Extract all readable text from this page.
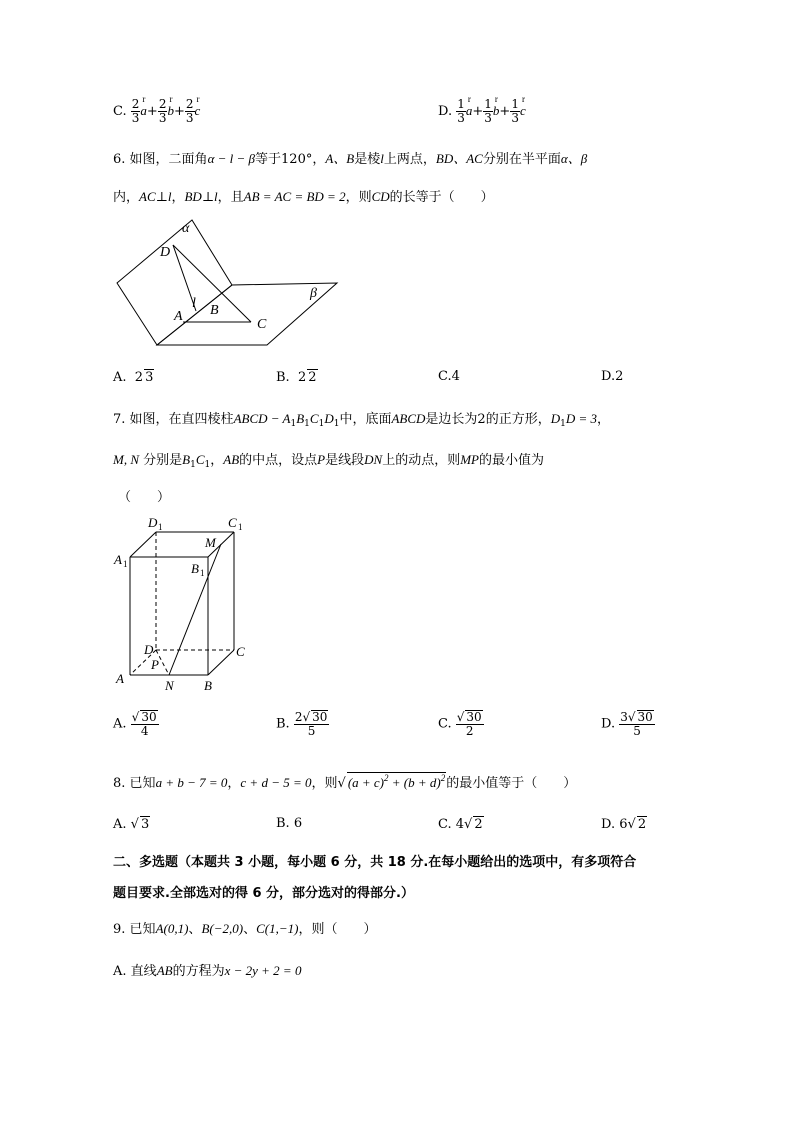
C. $\frac{2}{3}$ r $a+ \frac{2}{3}$ r $b+ \frac{2}{3}$ r c	D. $\frac{1}{3}$ r $a+ \frac{1}{3}$ r $b+ \frac{1}{3}$ r c
6. 如图，二面角α − l − β等于120°，A、B是棱l上两点，BD、AC分别在半平面α、β
内，AC⊥l，BD⊥l，且AB = AC = BD = 2，则CD的长等于（　　）
α
β
D
l B
A
C
A. 2 3	B. 2 2	C.4	D.2
7. 如图，在直四棱柱ABCD − $A_1B_1C_1D_1$中，底面ABCD是边长为2的正方形，$D_1D = 3$，
M, N 分别是$B_1C_1$，AB的中点，设点P是线段DN上的动点，则MP的最小值为
（　　）
D 1	C 1
A 1
M
B 1
D	C
P
A	N B
A. $\frac{√ 30}{4}$	B. $\frac{2√ 30}{5}$	C. $\frac{√ 30}{2}$	D. $\frac{3√ 30}{5}$
8. 已知a + b − 7 = 0，c + d − 5 = 0，则√ $(a + c)^2 + (b + d)^2$的最小值等于（　　）
A. √ 3	B. 6	C. 4√ 2	D. 6√ 2
二、多选题（本题共 3 小题，每小题 6 分，共 18 分.在每小题给出的选项中，有多项符合
题目要求.全部选对的得 6 分，部分选对的得部分.）
9. 已知A(0,1)、B(−2,0)、C(1,−1)，则（　　）
A. 直线AB的方程为x − 2y + 2 = 0
